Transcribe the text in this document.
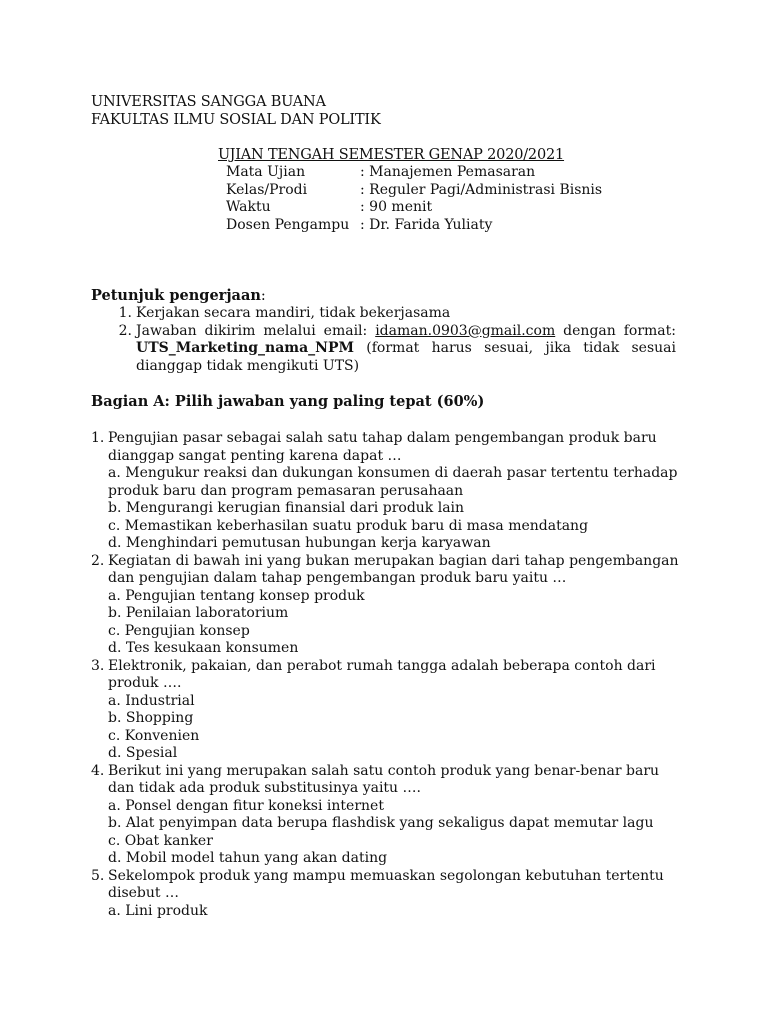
UNIVERSITAS SANGGA BUANA
FAKULTAS ILMU SOSIAL DAN POLITIK
UJIAN TENGAH SEMESTER GENAP 2020/2021
Mata Ujian	: Manajemen Pemasaran
Kelas/Prodi	: Reguler Pagi/Administrasi Bisnis
Waktu	: 90 menit
Dosen Pengampu : Dr. Farida Yuliaty
Petunjuk pengerjaan:
1. Kerjakan secara mandiri, tidak bekerjasama
2. Jawaban dikirim melalui email: idaman.0903@gmail.com dengan format: UTS_Marketing_nama_NPM (format harus sesuai, jika tidak sesuai dianggap tidak mengikuti UTS)
Bagian A: Pilih jawaban yang paling tepat (60%)
1. Pengujian pasar sebagai salah satu tahap dalam pengembangan produk baru dianggap sangat penting karena dapat …
a. Mengukur reaksi dan dukungan konsumen di daerah pasar tertentu terhadap produk baru dan program pemasaran perusahaan
b. Mengurangi kerugian finansial dari produk lain
c. Memastikan keberhasilan suatu produk baru di masa mendatang
d. Menghindari pemutusan hubungan kerja karyawan
2. Kegiatan di bawah ini yang bukan merupakan bagian dari tahap pengembangan dan pengujian dalam tahap pengembangan produk baru yaitu …
a. Pengujian tentang konsep produk
b. Penilaian laboratorium
c. Pengujian konsep
d. Tes kesukaan konsumen
3. Elektronik, pakaian, dan perabot rumah tangga adalah beberapa contoh dari produk ….
a. Industrial
b. Shopping
c. Konvenien
d. Spesial
4. Berikut ini yang merupakan salah satu contoh produk yang benar-benar baru dan tidak ada produk substitusinya yaitu ….
a. Ponsel dengan fitur koneksi internet
b. Alat penyimpan data berupa flashdisk yang sekaligus dapat memutar lagu
c. Obat kanker
d. Mobil model tahun yang akan dating
5. Sekelompok produk yang mampu memuaskan segolongan kebutuhan tertentu disebut …
a. Lini produk
